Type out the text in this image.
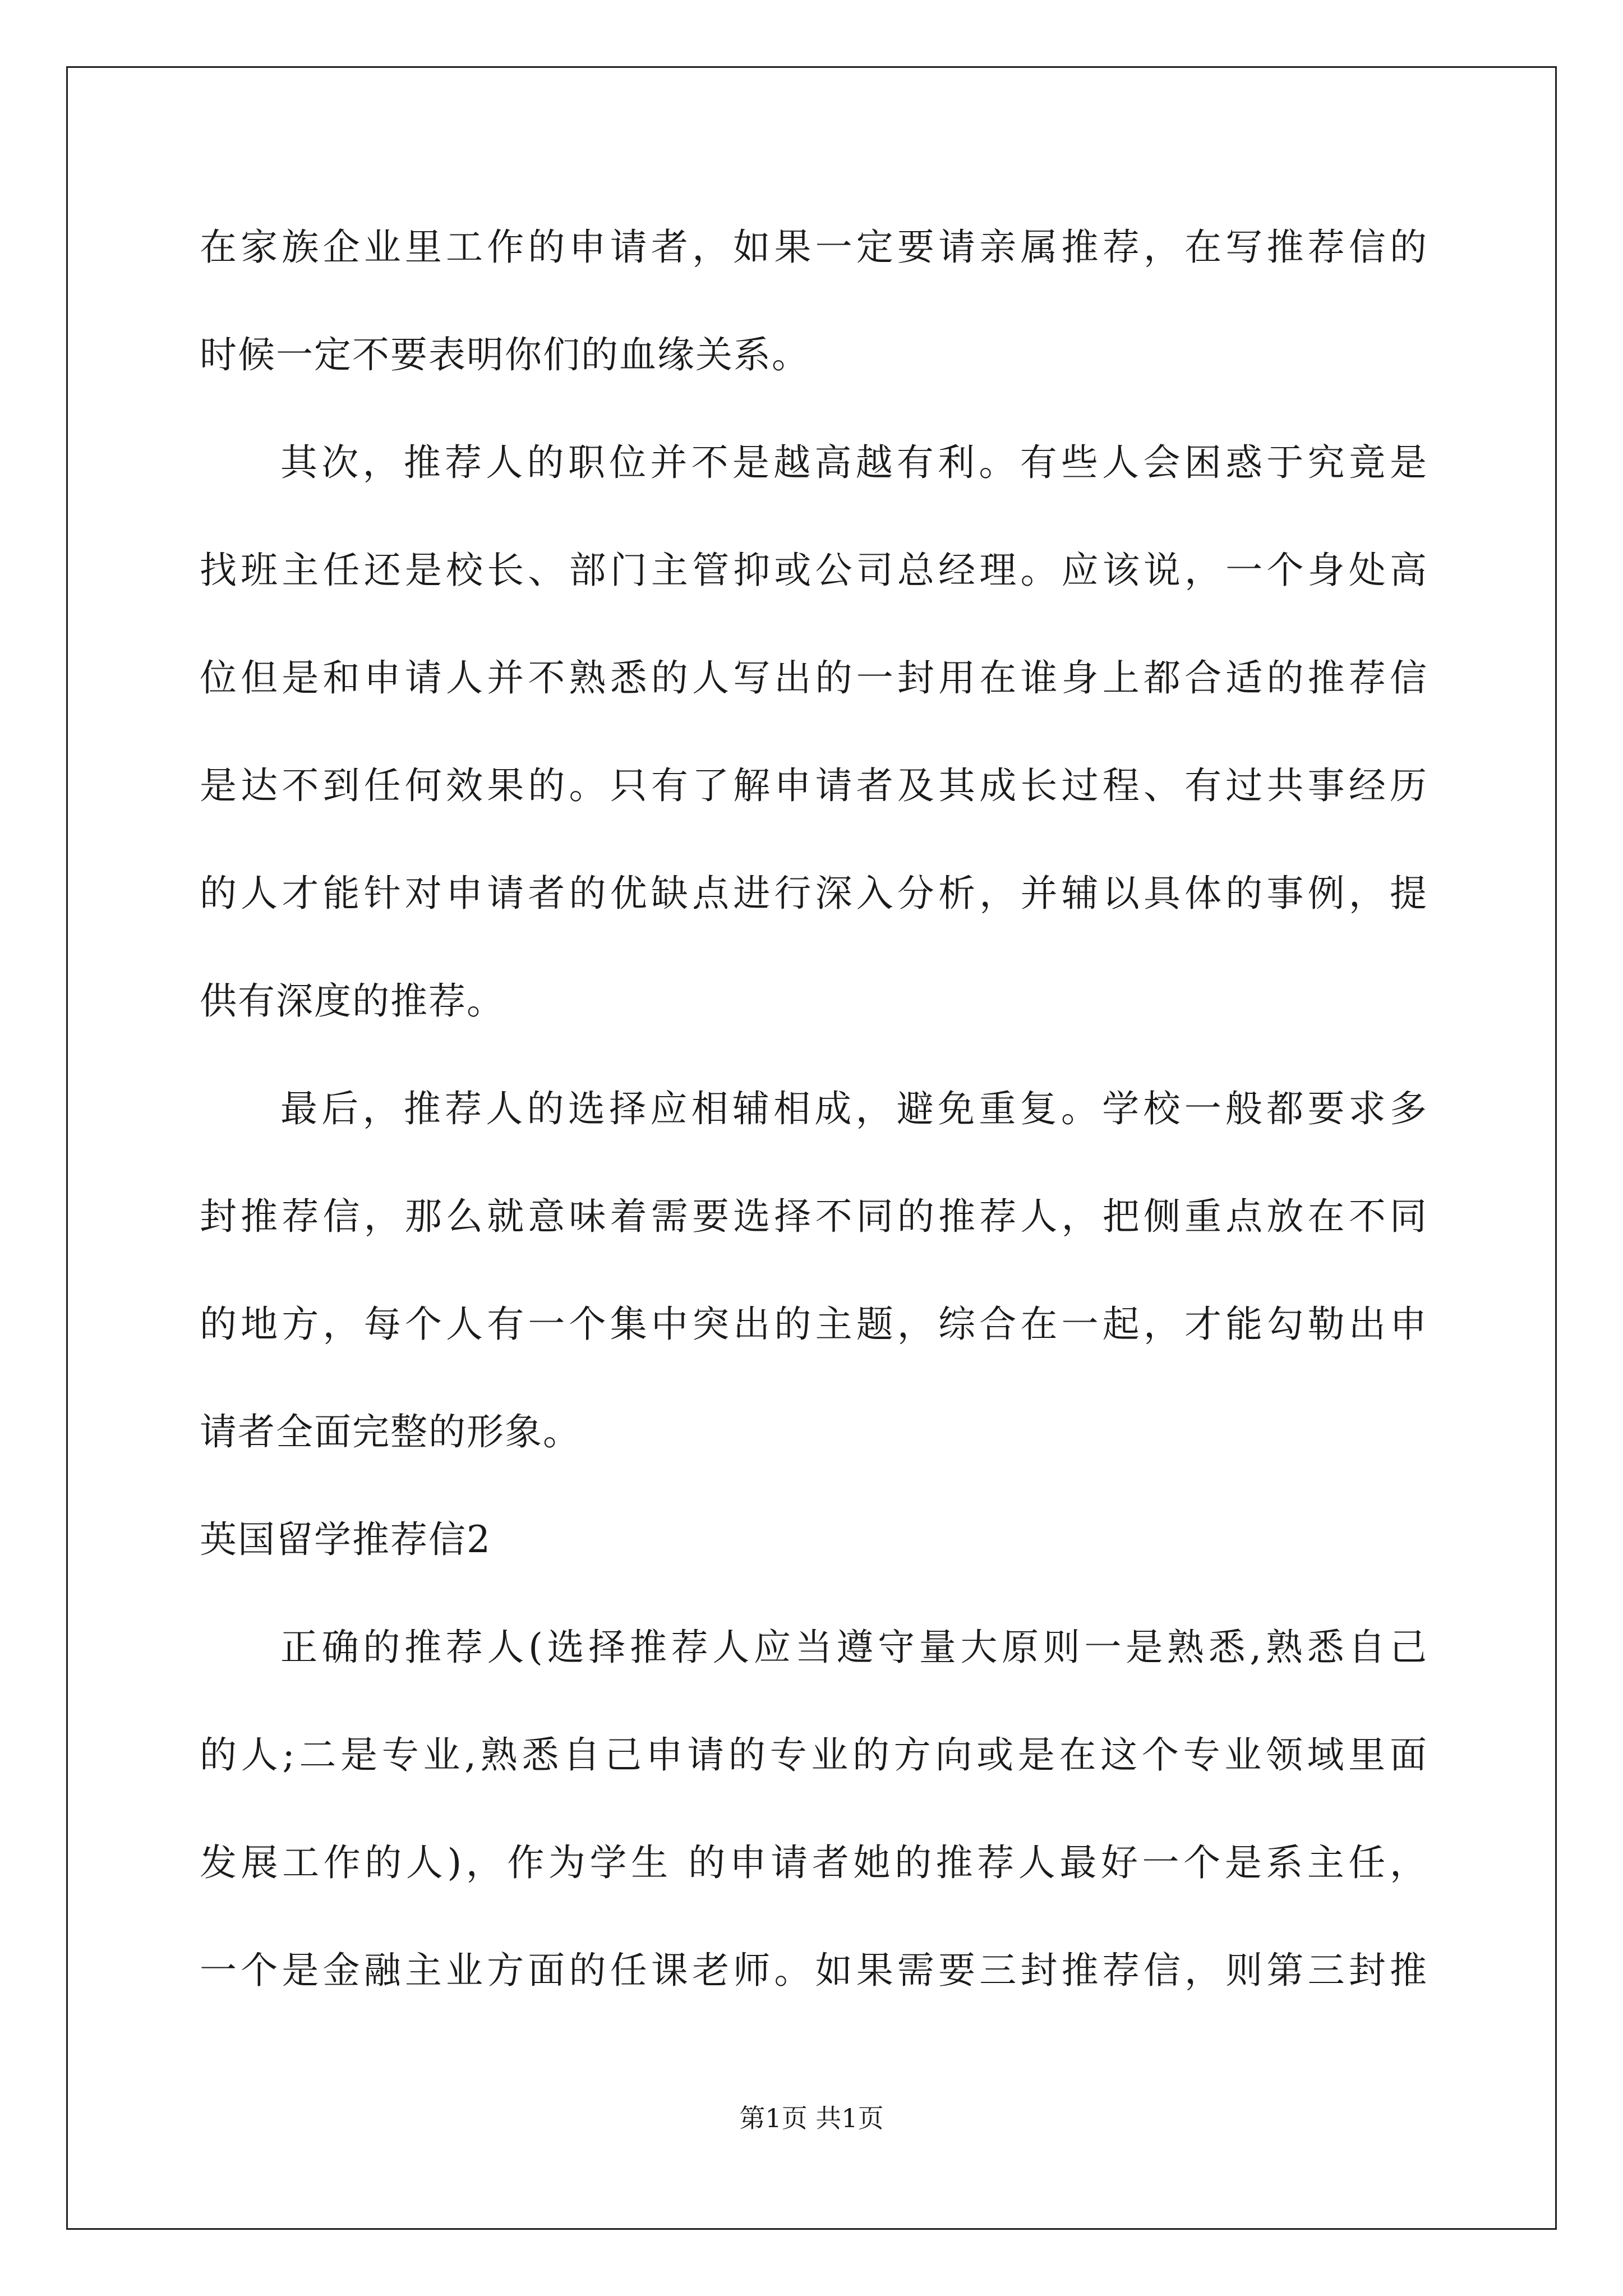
在家族企业里工作的申请者，如果一定要请亲属推荐，在写推荐信的
时候一定不要表明你们的血缘关系。
其次，推荐人的职位并不是越高越有利。有些人会困惑于究竟是
找班主任还是校长、部门主管抑或公司总经理。应该说，一个身处高
位但是和申请人并不熟悉的人写出的一封用在谁身上都合适的推荐信
是达不到任何效果的。只有了解申请者及其成长过程、有过共事经历
的人才能针对申请者的优缺点进行深入分析，并辅以具体的事例，提
供有深度的推荐。
最后，推荐人的选择应相辅相成，避免重复。学校一般都要求多
封推荐信，那么就意味着需要选择不同的推荐人，把侧重点放在不同
的地方，每个人有一个集中突出的主题，综合在一起，才能勾勒出申
请者全面完整的形象。
英国留学推荐信2
正确的推荐人(选择推荐人应当遵守量大原则一是熟悉,熟悉自己
的人;二是专业,熟悉自己申请的专业的方向或是在这个专业领域里面
发展工作的人)，作为学生 的申请者她的推荐人最好一个是系主任，
一个是金融主业方面的任课老师。如果需要三封推荐信，则第三封推
第1页 共1页
